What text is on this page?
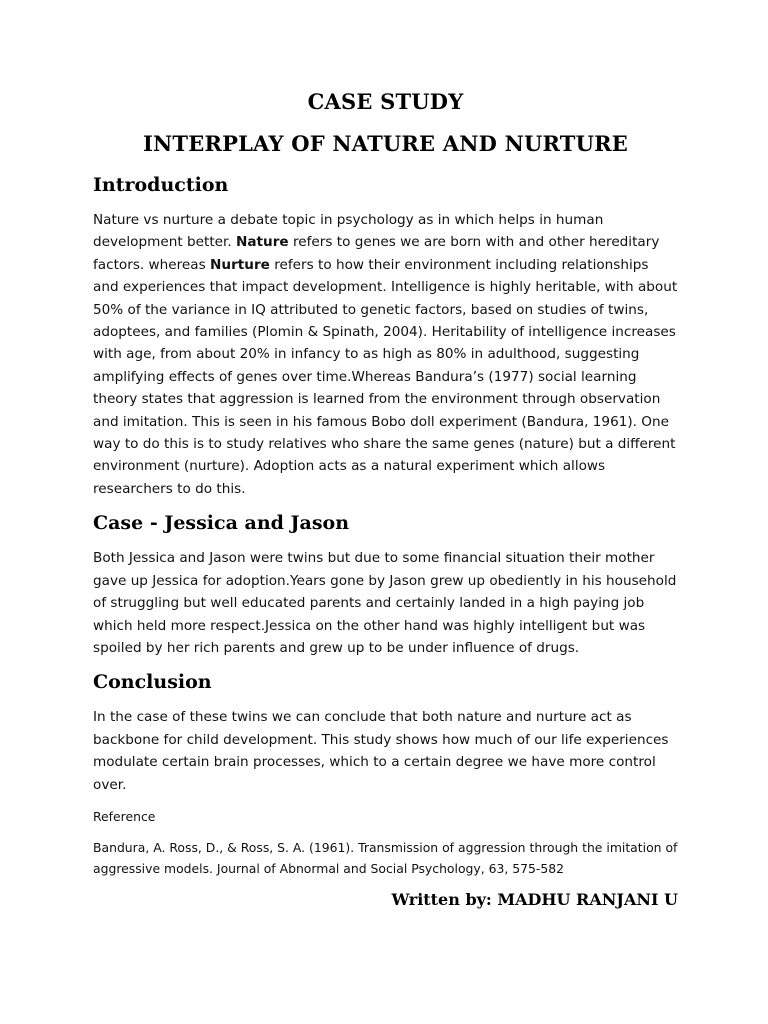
CASE STUDY
INTERPLAY OF NATURE AND NURTURE
Introduction

Nature vs nurture a debate topic in psychology as in which helps in human development better. Nature refers to genes we are born with and other hereditary factors. whereas Nurture refers to how their environment including relationships and experiences that impact development. Intelligence is highly heritable, with about 50% of the variance in IQ attributed to genetic factors, based on studies of twins, adoptees, and families (Plomin & Spinath, 2004). Heritability of intelligence increases with age, from about 20% in infancy to as high as 80% in adulthood, suggesting amplifying effects of genes over time.Whereas Bandura’s (1977) social learning theory states that aggression is learned from the environment through observation and imitation. This is seen in his famous Bobo doll experiment (Bandura, 1961). One way to do this is to study relatives who share the same genes (nature) but a different environment (nurture). Adoption acts as a natural experiment which allows researchers to do this.

Case - Jessica and Jason

Both Jessica and Jason were twins but due to some financial situation their mother gave up Jessica for adoption.Years gone by Jason grew up obediently in his household of struggling but well educated parents and certainly landed in a high paying job which held more respect.Jessica on the other hand was highly intelligent but was spoiled by her rich parents and grew up to be under influence of drugs.

Conclusion

In the case of these twins we can conclude that both nature and nurture act as backbone for child development. This study shows how much of our life experiences modulate certain brain processes, which to a certain degree we have more control over.

Reference

Bandura, A. Ross, D., & Ross, S. A. (1961). Transmission of aggression through the imitation of aggressive models. Journal of Abnormal and Social Psychology, 63, 575-582

Written by: MADHU RANJANI U
